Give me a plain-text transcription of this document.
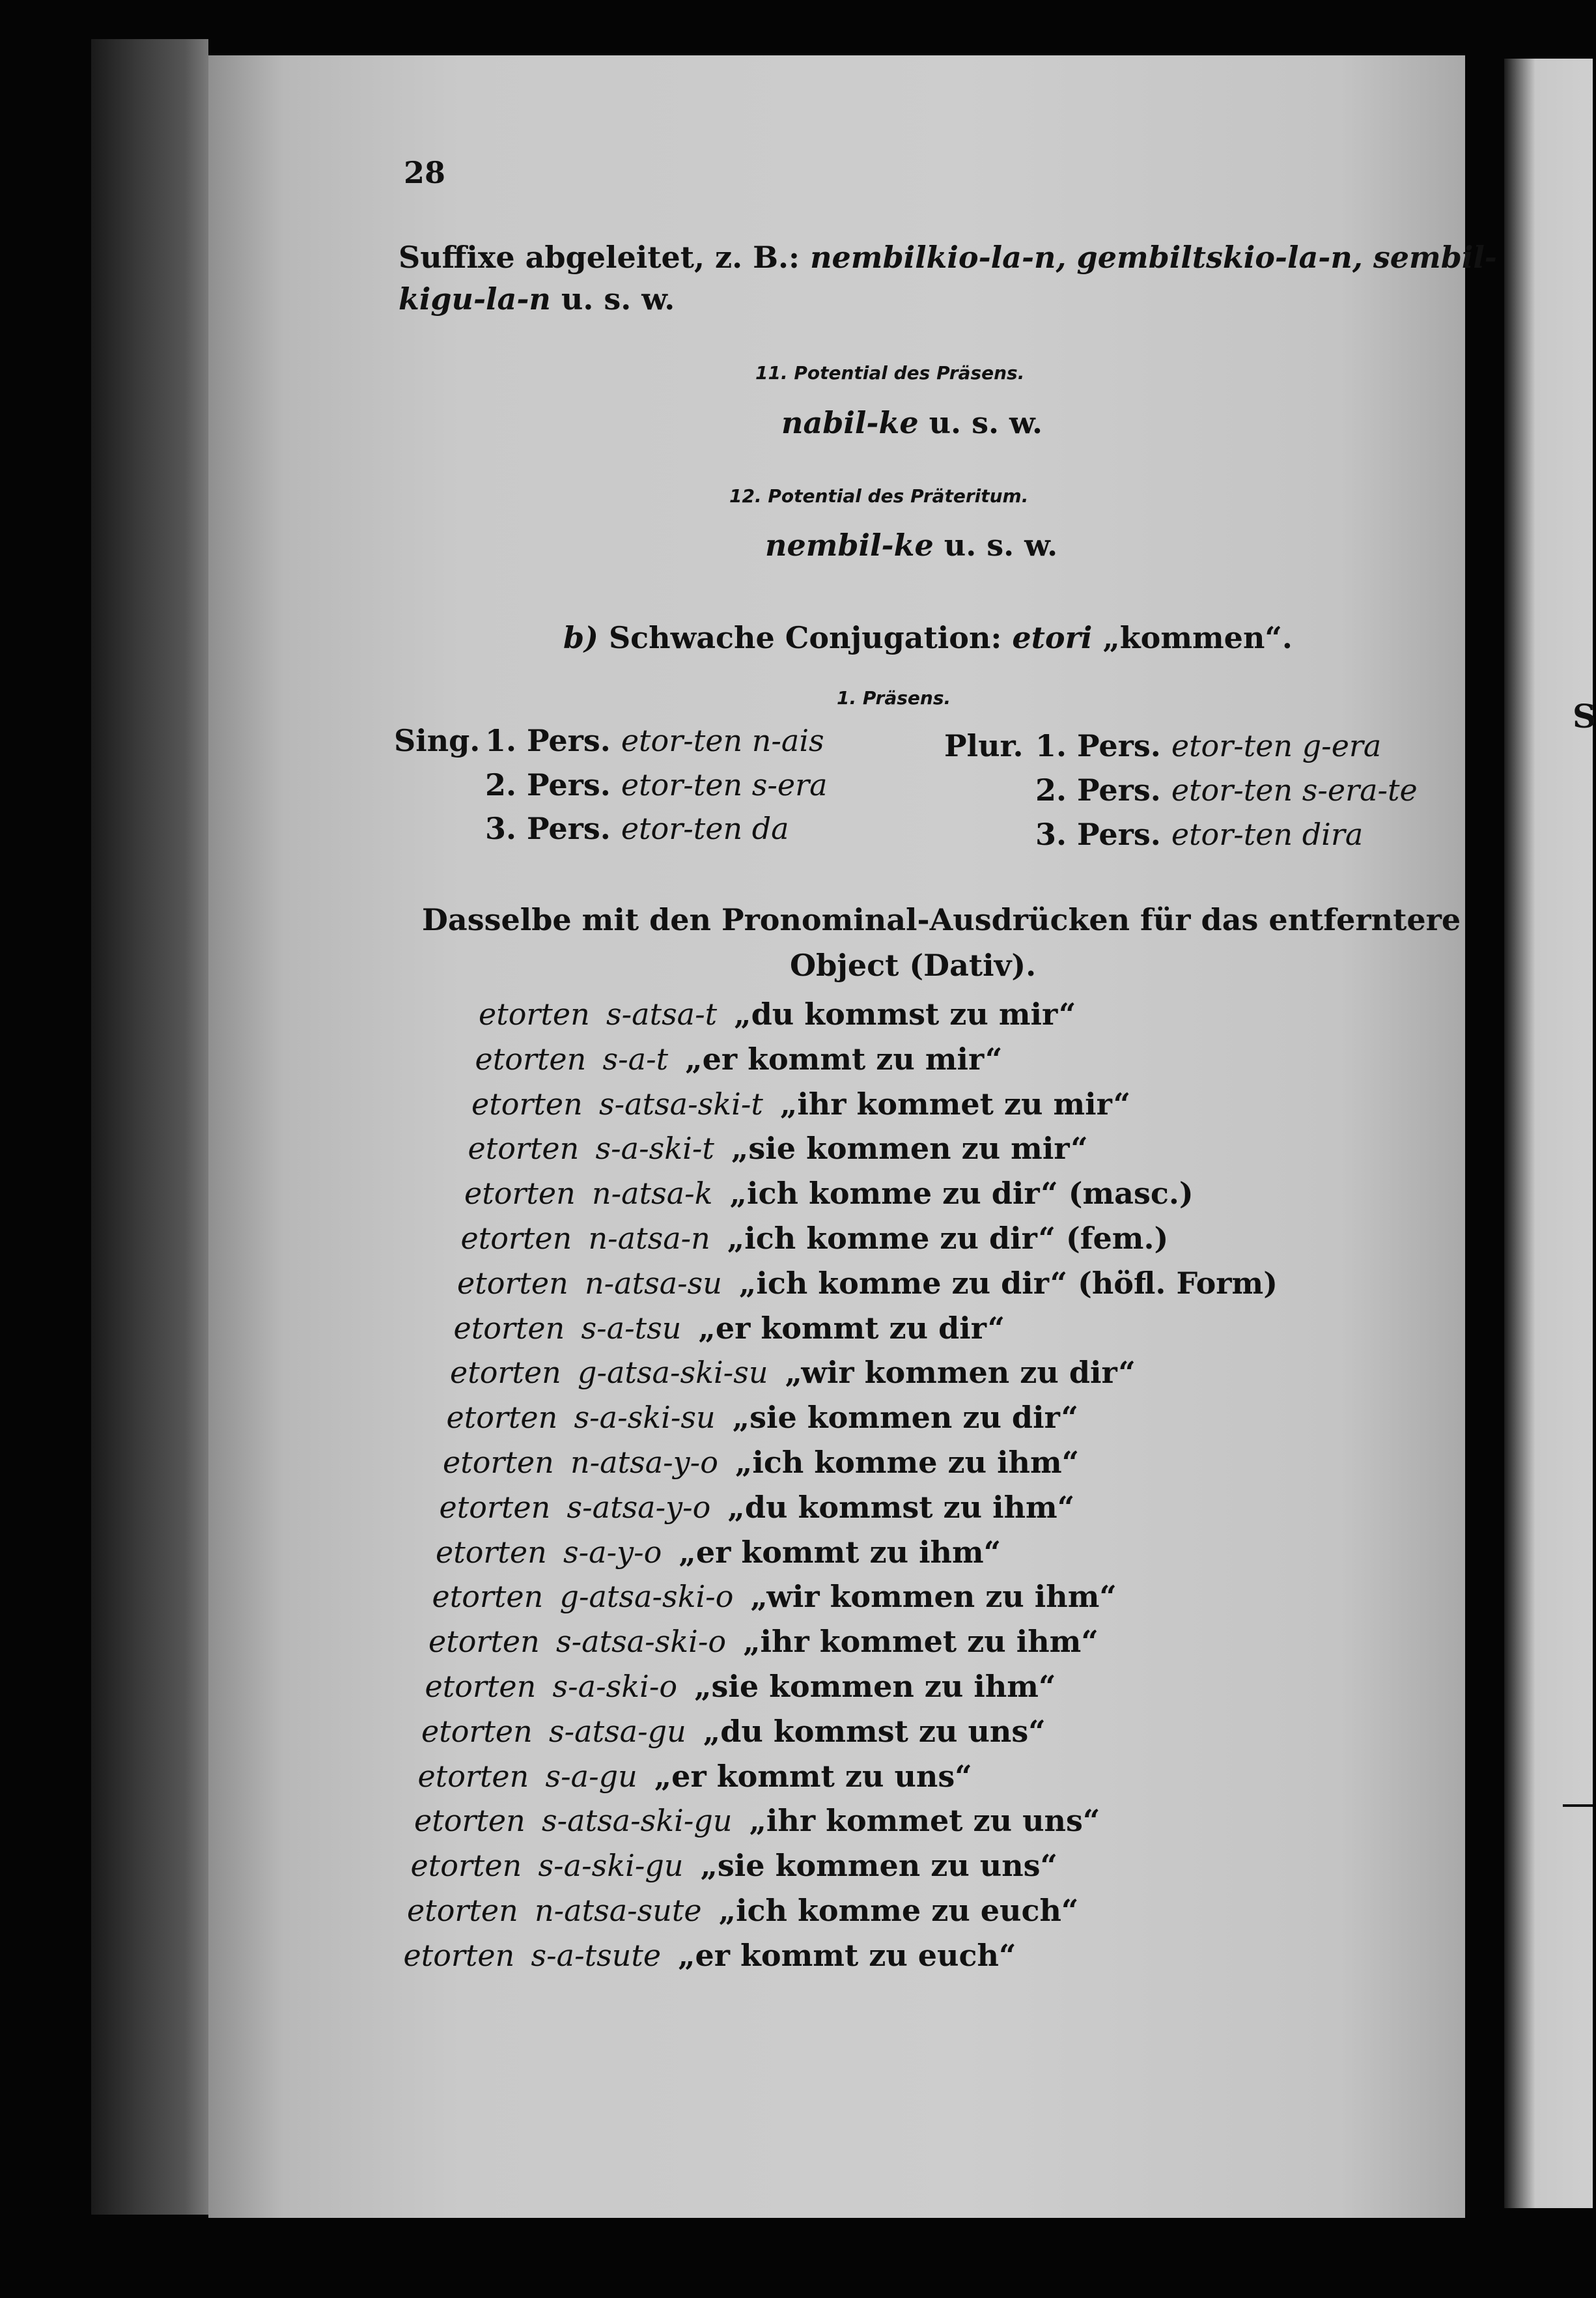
S
28
Suffixe abgeleitet, z. B.: nembilkio-la-n, gembiltskio-la-n, sembil-
kigu-la-n u. s. w.
11. Potential des Präsens.
nabil-ke u. s. w.
12. Potential des Präteritum.
nembil-ke u. s. w.
b) Schwache Conjugation: etori „kommen“.
1. Präsens.
Sing.	Plur.
1. Pers. etor-ten n-ais
2. Pers. etor-ten s-era
3. Pers. etor-ten da
1. Pers. etor-ten g-era
2. Pers. etor-ten s-era-te
3. Pers. etor-ten dira
Dasselbe mit den Pronominal-Ausdrücken für das entferntere
Object (Dativ).
etorten s-atsa-t „du kommst zu mir“
etorten s-a-t „er kommt zu mir“
etorten s-atsa-ski-t „ihr kommet zu mir“
etorten s-a-ski-t „sie kommen zu mir“
etorten n-atsa-k „ich komme zu dir“ (masc.)
etorten n-atsa-n „ich komme zu dir“ (fem.)
etorten n-atsa-su „ich komme zu dir“ (höfl. Form)
etorten s-a-tsu „er kommt zu dir“
etorten g-atsa-ski-su „wir kommen zu dir“
etorten s-a-ski-su „sie kommen zu dir“
etorten n-atsa-y-o „ich komme zu ihm“
etorten s-atsa-y-o „du kommst zu ihm“
etorten s-a-y-o „er kommt zu ihm“
etorten g-atsa-ski-o „wir kommen zu ihm“
etorten s-atsa-ski-o „ihr kommet zu ihm“
etorten s-a-ski-o „sie kommen zu ihm“
etorten s-atsa-gu „du kommst zu uns“
etorten s-a-gu „er kommt zu uns“
etorten s-atsa-ski-gu „ihr kommet zu uns“
etorten s-a-ski-gu „sie kommen zu uns“
etorten n-atsa-sute „ich komme zu euch“
etorten s-a-tsute „er kommt zu euch“
